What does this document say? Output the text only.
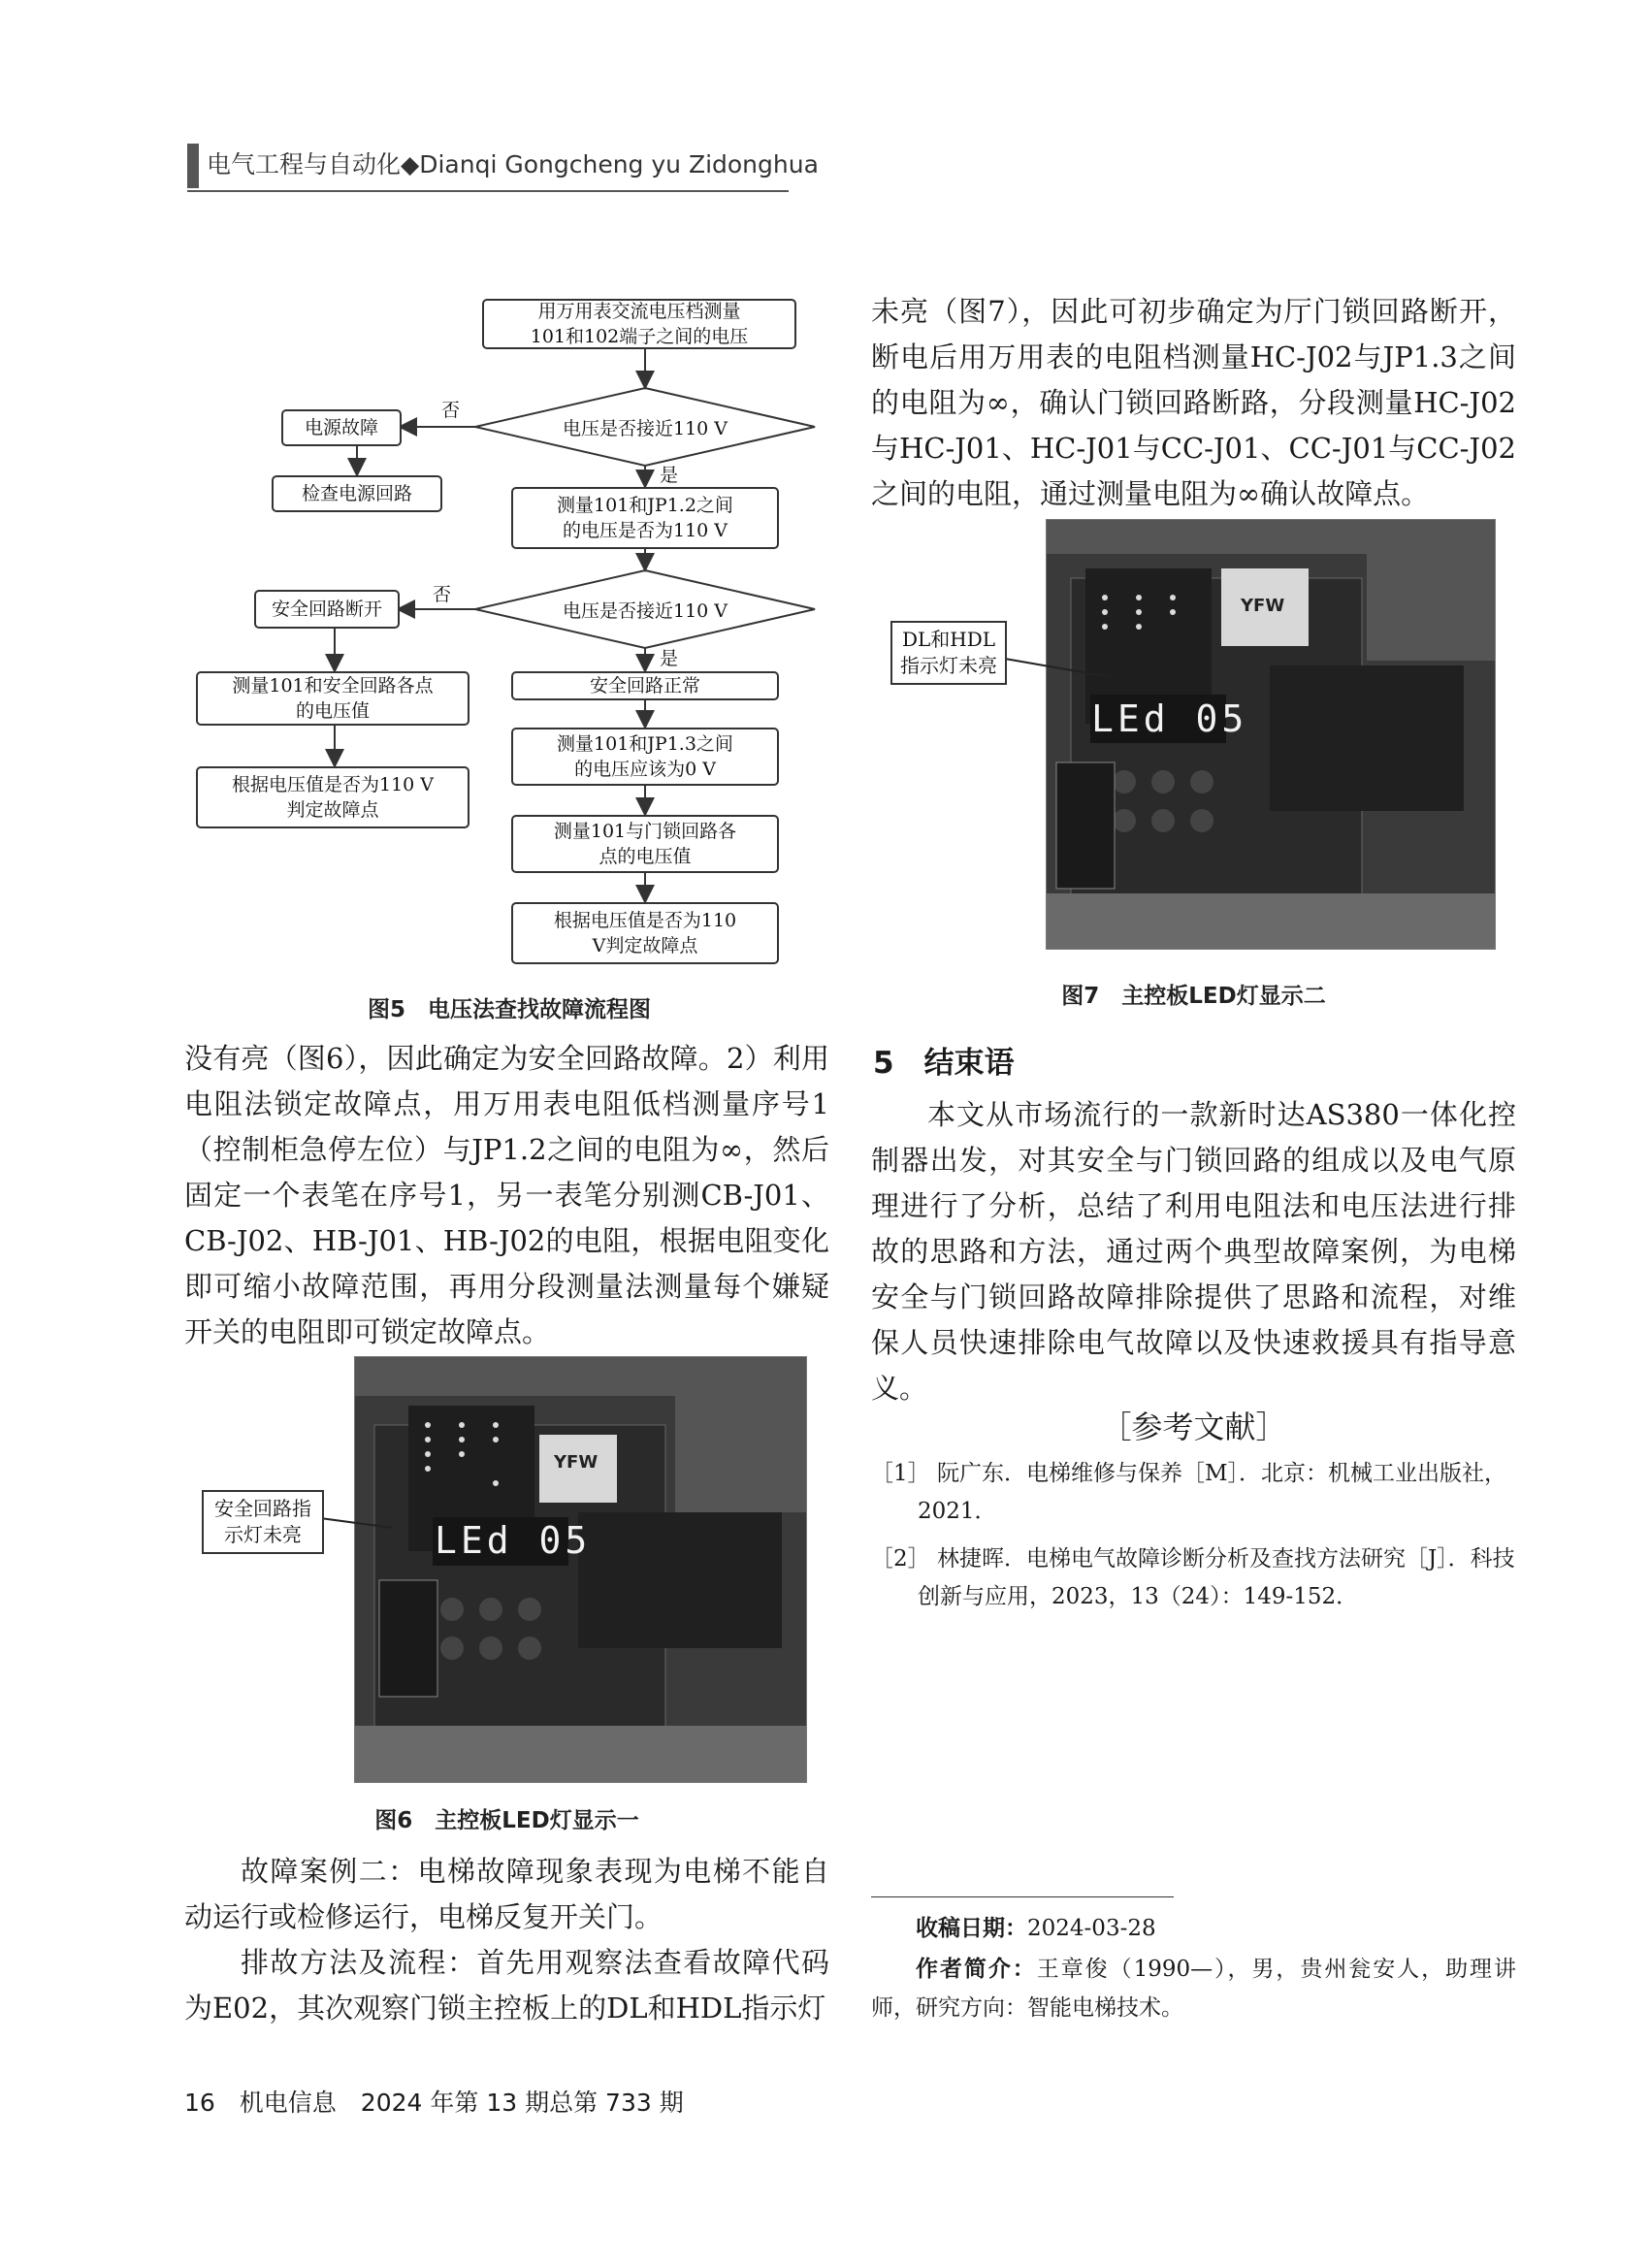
电气工程与自动化◆Dianqi Gongcheng yu Zidonghua
用万用表交流电压档测量101和102端子之间的电压
电压是否接近110 V
否
是
电源故障
检查电源回路
测量101和JP1.2之间的电压是否为110 V
电压是否接近110 V
否
是
安全回路断开
测量101和安全回路各点的电压值
根据电压值是否为110 V判定故障点
安全回路正常
测量101和JP1.3之间的电压应该为0 V
测量101与门锁回路各点的电压值
根据电压值是否为110 V判定故障点
图5　电压法查找故障流程图

没有亮（图6），因此确定为安全回路故障。2）利用电阻法锁定故障点，用万用表电阻低档测量序号1（控制柜急停左位）与JP1.2之间的电阻为∞，然后固定一个表笔在序号1，另一表笔分别测CB-J01、CB-J02、HB-J01、HB-J02的电阻，根据电阻变化即可缩小故障范围，再用分段测量法测量每个嫌疑开关的电阻即可锁定故障点。

LEd 05
YFW
安全回路指示灯未亮
图6　主控板LED灯显示一

故障案例二：电梯故障现象表现为电梯不能自动运行或检修运行，电梯反复开关门。

排故方法及流程：首先用观察法查看故障代码为E02，其次观察门锁主控板上的DL和HDL指示灯

未亮（图7），因此可初步确定为厅门锁回路断开，断电后用万用表的电阻档测量HC-J02与JP1.3之间的电阻为∞，确认门锁回路断路，分段测量HC-J02与HC-J01、HC-J01与CC-J01、CC-J01与CC-J02之间的电阻，通过测量电阻为∞确认故障点。

LEd 05
YFW
DL和HDL指示灯未亮
图7　主控板LED灯显示二
5　结束语

本文从市场流行的一款新时达AS380一体化控制器出发，对其安全与门锁回路的组成以及电气原理进行了分析，总结了利用电阻法和电压法进行排故的思路和方法，通过两个典型故障案例，为电梯安全与门锁回路故障排除提供了思路和流程，对维保人员快速排除电气故障以及快速救援具有指导意义。

［参考文献］
［1］ 阮广东．电梯维修与保养［M］．北京：机械工业出版社，2021．
［2］ 林捷晖．电梯电气故障诊断分析及查找方法研究［J］．科技创新与应用，2023，13（24）：149-152．
收稿日期：2024-03-28
作者简介：王章俊（1990—），男，贵州瓮安人，助理讲师，研究方向：智能电梯技术。
16　机电信息　2024 年第 13 期总第 733 期
